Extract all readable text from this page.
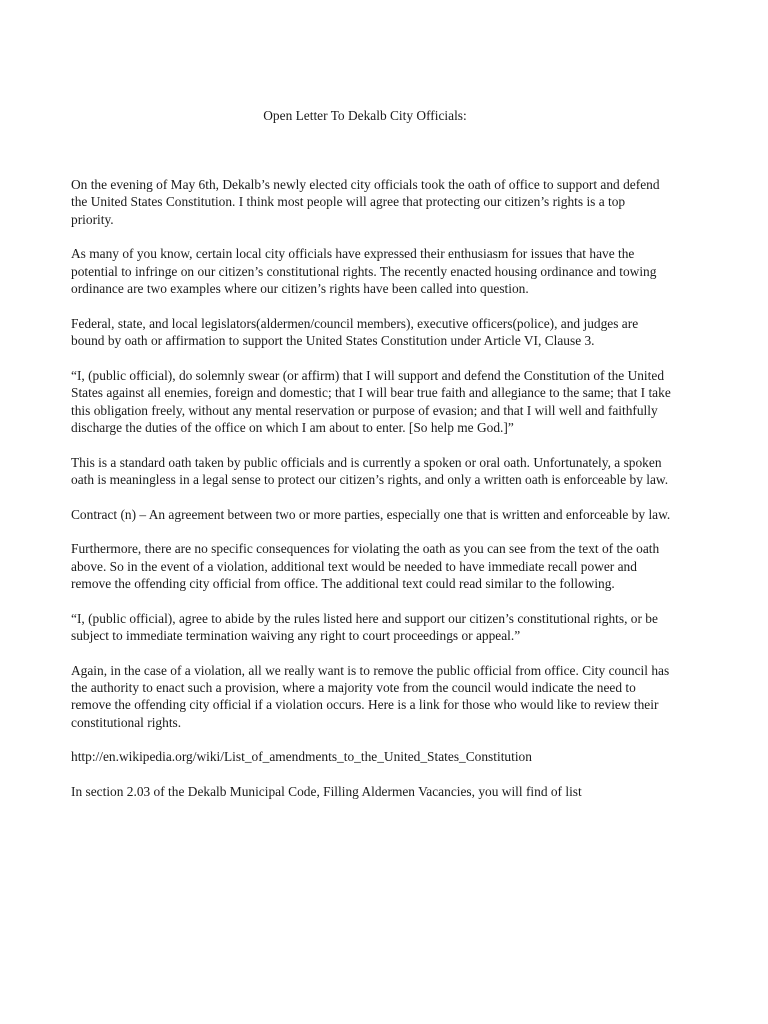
Open Letter To Dekalb City Officials:

On the evening of May 6th, Dekalb’s newly elected city officials took the oath of office to support and defend the United States Constitution. I think most people will agree that protecting our citizen’s rights is a top priority.

As many of you know, certain local city officials have expressed their enthusiasm for issues that have the potential to infringe on our citizen’s constitutional rights. The recently enacted housing ordinance and towing ordinance are two examples where our citizen’s rights have been called into question.

Federal, state, and local legislators(aldermen/council members), executive officers(police), and judges are bound by oath or affirmation to support the United States Constitution under Article VI, Clause 3.

“I, (public official), do solemnly swear (or affirm) that I will support and defend the Constitution of the United States against all enemies, foreign and domestic; that I will bear true faith and allegiance to the same; that I take this obligation freely, without any mental reservation or purpose of evasion; and that I will well and faithfully discharge the duties of the office on which I am about to enter. [So help me God.]”

This is a standard oath taken by public officials and is currently a spoken or oral oath. Unfortunately, a spoken oath is meaningless in a legal sense to protect our citizen’s rights, and only a written oath is enforceable by law.

Contract (n) – An agreement between two or more parties, especially one that is written and enforceable by law.

Furthermore, there are no specific consequences for violating the oath as you can see from the text of the oath above. So in the event of a violation, additional text would be needed to have immediate recall power and remove the offending city official from office. The additional text could read similar to the following.

“I, (public official), agree to abide by the rules listed here and support our citizen’s constitutional rights, or be subject to immediate termination waiving any right to court proceedings or appeal.”

Again, in the case of a violation, all we really want is to remove the public official from office. City council has the authority to enact such a provision, where a majority vote from the council would indicate the need to remove the offending city official if a violation occurs. Here is a link for those who would like to review their constitutional rights.

http://en.wikipedia.org/wiki/List_of_amendments_to_the_United_States_Constitution

In section 2.03 of the Dekalb Municipal Code, Filling Aldermen Vacancies, you will find of list
